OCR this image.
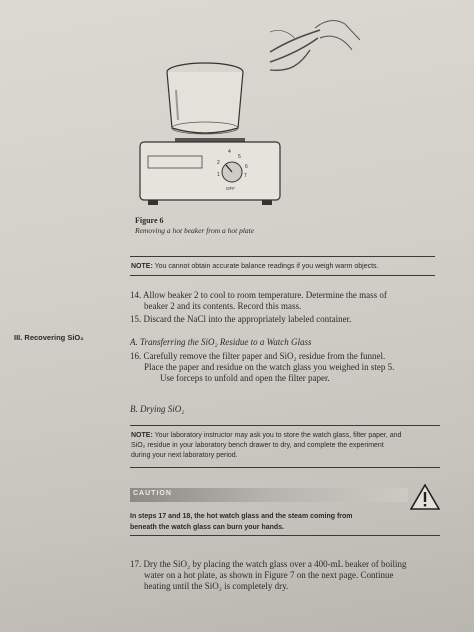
4
5
2
6
1	7
OFF
Figure 6
Removing a hot beaker from a hot plate
NOTE: You cannot obtain accurate balance readings if you weigh warm objects.
14. Allow beaker 2 to cool to room temperature. Determine the mass of
beaker 2 and its contents. Record this mass.
15. Discard the NaCl into the appropriately labeled container.
III. Recovering SiO₂	A. Transferring the SiO₂ Residue to a Watch Glass
16. Carefully remove the filter paper and SiO₂ residue from the funnel.
Place the paper and residue on the watch glass you weighed in step 5.
Use forceps to unfold and open the filter paper.
B. Drying SiO₂
NOTE: Your laboratory instructor may ask you to store the watch glass, filter paper, and
SiO₂ residue in your laboratory bench drawer to dry, and complete the experiment
during your next laboratory period.
CAUTION
In steps 17 and 18, the hot watch glass and the steam coming from
beneath the watch glass can burn your hands.
17. Dry the SiO₂ by placing the watch glass over a 400-mL beaker of boiling
water on a hot plate, as shown in Figure 7 on the next page. Continue
heating until the SiO₂ is completely dry.
